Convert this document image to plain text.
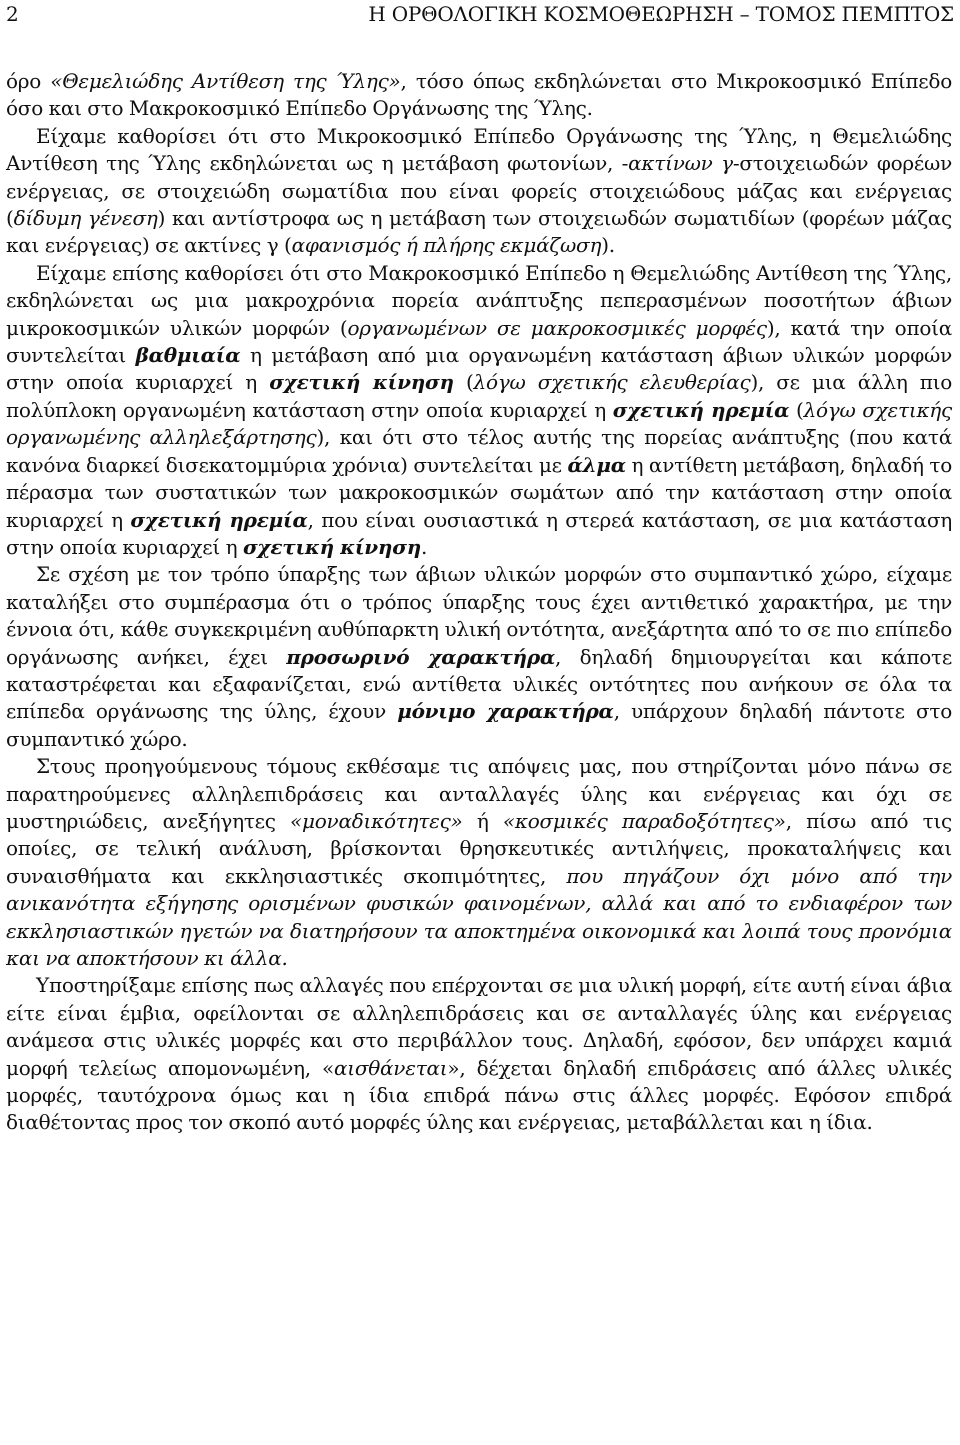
2	Η ΟΡΘΟΛΟΓΙΚΗ ΚΟΣΜΟΘΕΩΡΗΣΗ – ΤΟΜΟΣ ΠΕΜΠΤΟΣ

όρο «Θεμελιώδης Αντίθεση της Ύλης», τόσο όπως εκδηλώνεται στο Μικροκοσμικό Επίπεδο όσο και στο Μακροκοσμικό Επίπεδο Οργάνωσης της Ύλης.

Είχαμε καθορίσει ότι στο Μικροκοσμικό Επίπεδο Οργάνωσης της Ύλης, η Θεμελιώδης Αντίθεση της Ύλης εκδηλώνεται ως η μετάβαση φωτονίων, -ακτίνων γ-στοιχειωδών φορέων ενέργειας, σε στοιχειώδη σωματίδια που είναι φορείς στοιχειώδους μάζας και ενέργειας (δίδυμη γένεση) και αντίστροφα ως η μετάβαση των στοιχειωδών σωματιδίων (φορέων μάζας και ενέργειας) σε ακτίνες γ (αφανισμός ή πλήρης εκμάζωση).

Είχαμε επίσης καθορίσει ότι στο Μακροκοσμικό Επίπεδο η Θεμελιώδης Αντίθεση της Ύλης, εκδηλώνεται ως μια μακροχρόνια πορεία ανάπτυξης πεπερασμένων ποσοτήτων άβιων μικροκοσμικών υλικών μορφών (οργανωμένων σε μακροκοσμικές μορφές), κατά την οποία συντελείται βαθμιαία η μετάβαση από μια οργανωμένη κατάσταση άβιων υλικών μορφών στην οποία κυριαρχεί η σχετική κίνηση (λόγω σχετικής ελευθερίας), σε μια άλλη πιο πολύπλοκη οργανωμένη κατάσταση στην οποία κυριαρχεί η σχετική ηρεμία (λόγω σχετικής οργανωμένης αλληλεξάρτησης), και ότι στο τέλος αυτής της πορείας ανάπτυξης (που κατά κανόνα διαρκεί δισεκατομμύρια χρόνια) συντελείται με άλμα η αντίθετη μετάβαση, δηλαδή το πέρασμα των συστατικών των μακροκοσμικών σωμάτων από την κατάσταση στην οποία κυριαρχεί η σχετική ηρεμία, που είναι ουσιαστικά η στερεά κατάσταση, σε μια κατάσταση στην οποία κυριαρχεί η σχετική κίνηση.

Σε σχέση με τον τρόπο ύπαρξης των άβιων υλικών μορφών στο συμπαντικό χώρο, είχαμε καταλήξει στο συμπέρασμα ότι ο τρόπος ύπαρξης τους έχει αντιθετικό χαρακτήρα, με την έννοια ότι, κάθε συγκεκριμένη αυθύπαρκτη υλική οντότητα, ανεξάρτητα από το σε πιο επίπεδο οργάνωσης ανήκει, έχει προσωρινό χαρακτήρα, δηλαδή δημιουργείται και κάποτε καταστρέφεται και εξαφανίζεται, ενώ αντίθετα υλικές οντότητες που ανήκουν σε όλα τα επίπεδα οργάνωσης της ύλης, έχουν μόνιμο χαρακτήρα, υπάρχουν δηλαδή πάντοτε στο συμπαντικό χώρο.

Στους προηγούμενους τόμους εκθέσαμε τις απόψεις μας, που στηρίζονται μόνο πάνω σε παρατηρούμενες αλληλεπιδράσεις και ανταλλαγές ύλης και ενέργειας και όχι σε μυστηριώδεις, ανεξήγητες «μοναδικότητες» ή «κοσμικές παραδοξότητες», πίσω από τις οποίες, σε τελική ανάλυση, βρίσκονται θρησκευτικές αντιλήψεις, προκαταλήψεις και συναισθήματα και εκκλησιαστικές σκοπιμότητες, που πηγάζουν όχι μόνο από την ανικανότητα εξήγησης ορισμένων φυσικών φαινομένων, αλλά και από το ενδιαφέρον των εκκλησιαστικών ηγετών να διατηρήσουν τα αποκτημένα οικονομικά και λοιπά τους προνόμια και να αποκτήσουν κι άλλα.

Υποστηρίξαμε επίσης πως αλλαγές που επέρχονται σε μια υλική μορφή, είτε αυτή είναι άβια είτε είναι έμβια, οφείλονται σε αλληλεπιδράσεις και σε ανταλλαγές ύλης και ενέργειας ανάμεσα στις υλικές μορφές και στο περιβάλλον τους. Δηλαδή, εφόσον, δεν υπάρχει καμιά μορφή τελείως απομονωμένη, «αισθάνεται», δέχεται δηλαδή επιδράσεις από άλλες υλικές μορφές, ταυτόχρονα όμως και η ίδια επιδρά πάνω στις άλλες μορφές. Εφόσον επιδρά διαθέτοντας προς τον σκοπό αυτό μορφές ύλης και ενέργειας, μεταβάλλεται και η ίδια.
